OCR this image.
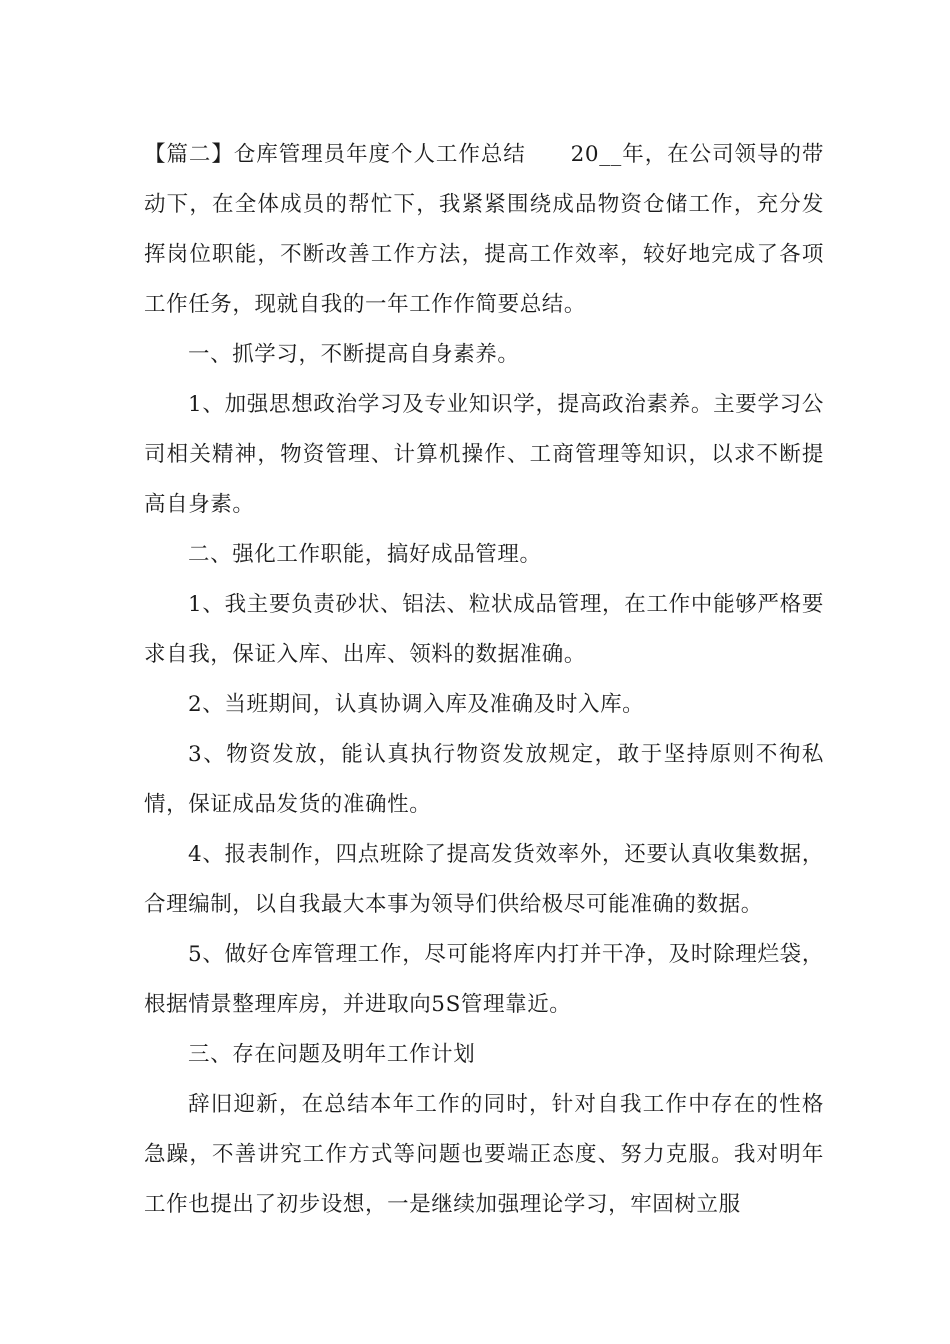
【篇二】仓库管理员年度个人工作总结　　20__年，在公司领导的带动下，在全体成员的帮忙下，我紧紧围绕成品物资仓储工作，充分发挥岗位职能，不断改善工作方法，提高工作效率，较好地完成了各项工作任务，现就自我的一年工作作简要总结。

一、抓学习，不断提高自身素养。

1、加强思想政治学习及专业知识学，提高政治素养。主要学习公司相关精神，物资管理、计算机操作、工商管理等知识，以求不断提高自身素。

二、强化工作职能，搞好成品管理。

1、我主要负责砂状、铝法、粒状成品管理，在工作中能够严格要求自我，保证入库、出库、领料的数据准确。

2、当班期间，认真协调入库及准确及时入库。

3、物资发放，能认真执行物资发放规定，敢于坚持原则不徇私情，保证成品发货的准确性。

4、报表制作，四点班除了提高发货效率外，还要认真收集数据，合理编制，以自我最大本事为领导们供给极尽可能准确的数据。

5、做好仓库管理工作，尽可能将库内打并干净，及时除理烂袋，根据情景整理库房，并进取向5S管理靠近。

三、存在问题及明年工作计划

辞旧迎新，在总结本年工作的同时，针对自我工作中存在的性格急躁，不善讲究工作方式等问题也要端正态度、努力克服。我对明年工作也提出了初步设想，一是继续加强理论学习，牢固树立服
